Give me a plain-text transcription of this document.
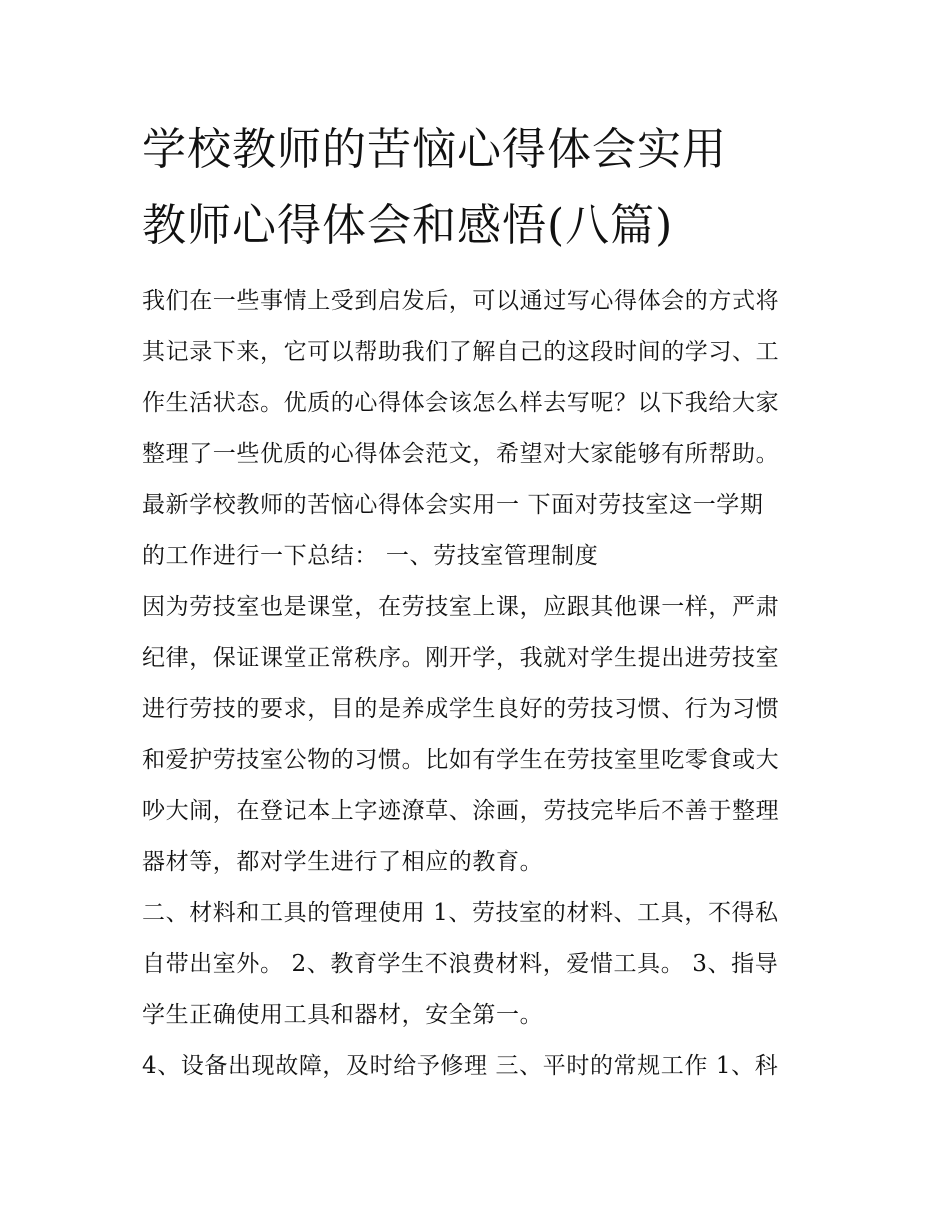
学校教师的苦恼心得体会实用
教师心得体会和感悟(八篇)
我们在一些事情上受到启发后，可以通过写心得体会的方式将
其记录下来，它可以帮助我们了解自己的这段时间的学习、工
作生活状态。优质的心得体会该怎么样去写呢？以下我给大家
整理了一些优质的心得体会范文，希望对大家能够有所帮助。
最新学校教师的苦恼心得体会实用一 下面对劳技室这一学期
的工作进行一下总结： 一、劳技室管理制度
因为劳技室也是课堂，在劳技室上课，应跟其他课一样，严肃
纪律，保证课堂正常秩序。刚开学，我就对学生提出进劳技室
进行劳技的要求，目的是养成学生良好的劳技习惯、行为习惯
和爱护劳技室公物的习惯。比如有学生在劳技室里吃零食或大
吵大闹，在登记本上字迹潦草、涂画，劳技完毕后不善于整理
器材等，都对学生进行了相应的教育。
二、材料和工具的管理使用 1、劳技室的材料、工具，不得私
自带出室外。 2、教育学生不浪费材料，爱惜工具。 3、指导
学生正确使用工具和器材，安全第一。
4、设备出现故障，及时给予修理 三、平时的常规工作 1、科
